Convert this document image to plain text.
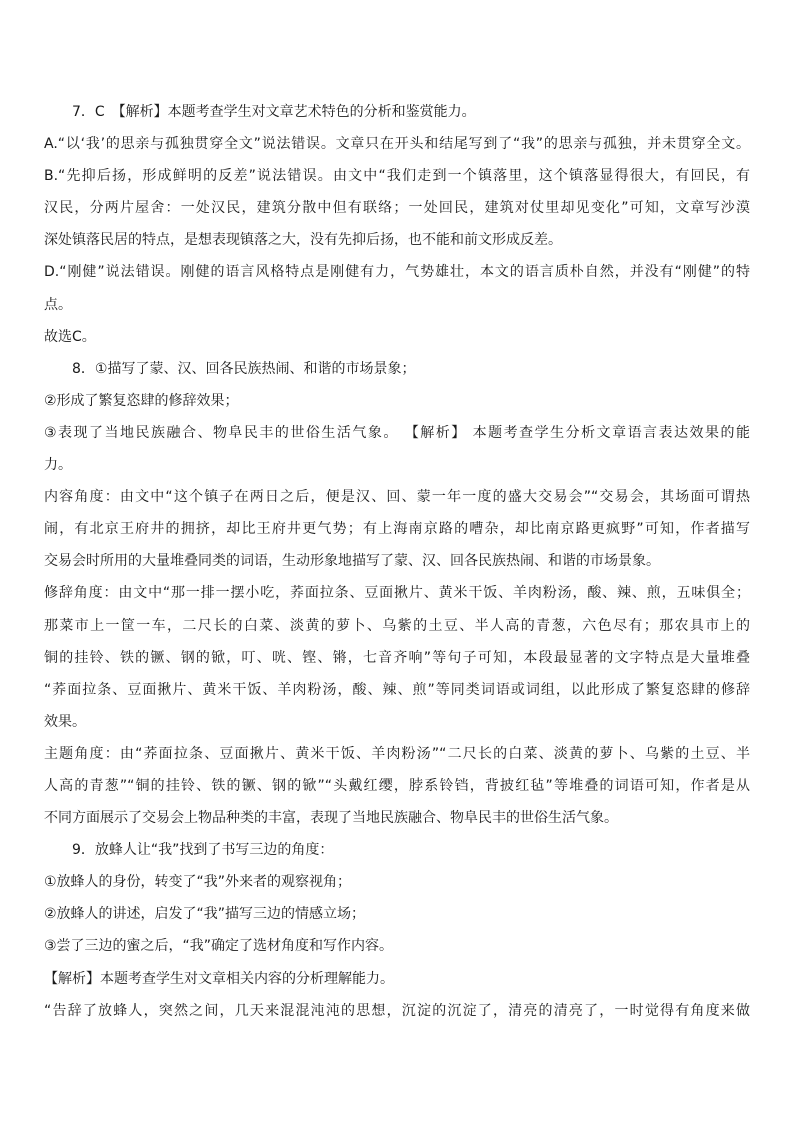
7．C　【解析】本题考查学生对文章艺术特色的分析和鉴赏能力。
A.“以‘我’的思亲与孤独贯穿全文”说法错误。文章只在开头和结尾写到了“我”的思亲与孤独，并未贯穿全文。
B.“先抑后扬，形成鲜明的反差”说法错误。由文中“我们走到一个镇落里，这个镇落显得很大，有回民，有
汉民，分两片屋舍：一处汉民，建筑分散中但有联络；一处回民，建筑对仗里却见变化”可知，文章写沙漠
深处镇落民居的特点，是想表现镇落之大，没有先抑后扬，也不能和前文形成反差。
D.“刚健”说法错误。刚健的语言风格特点是刚健有力，气势雄壮，本文的语言质朴自然，并没有“刚健”的特
点。
故选C。
8．①描写了蒙、汉、回各民族热闹、和谐的市场景象；
②形成了繁复恣肆的修辞效果；
③表现了当地民族融合、物阜民丰的世俗生活气象。 【解析】 本题考查学生分析文章语言表达效果的能
力。
内容角度：由文中“这个镇子在两日之后，便是汉、回、蒙一年一度的盛大交易会”“交易会，其场面可谓热
闹，有北京王府井的拥挤，却比王府井更气势；有上海南京路的嘈杂，却比南京路更疯野”可知，作者描写
交易会时所用的大量堆叠同类的词语，生动形象地描写了蒙、汉、回各民族热闹、和谐的市场景象。
修辞角度：由文中“那一排一摆小吃，荞面拉条、豆面揪片、黄米干饭、羊肉粉汤，酸、辣、煎，五味俱全；
那菜市上一筐一车，二尺长的白菜、淡黄的萝卜、乌紫的土豆、半人高的青葱，六色尽有；那农具市上的
铜的挂铃、铁的镢、钢的锨，叮、咣、铿、锵，七音齐响”等句子可知，本段最显著的文字特点是大量堆叠
“荞面拉条、豆面揪片、黄米干饭、羊肉粉汤，酸、辣、煎”等同类词语或词组，以此形成了繁复恣肆的修辞
效果。
主题角度：由“荞面拉条、豆面揪片、黄米干饭、羊肉粉汤”“二尺长的白菜、淡黄的萝卜、乌紫的土豆、半
人高的青葱”“铜的挂铃、铁的镢、钢的锨”“头戴红缨，脖系铃铛，背披红毡”等堆叠的词语可知，作者是从
不同方面展示了交易会上物品种类的丰富，表现了当地民族融合、物阜民丰的世俗生活气象。
9．放蜂人让“我”找到了书写三边的角度：
①放蜂人的身份，转变了“我”外来者的观察视角；
②放蜂人的讲述，启发了“我”描写三边的情感立场；
③尝了三边的蜜之后，“我”确定了选材角度和写作内容。
【解析】本题考查学生对文章相关内容的分析理解能力。
“告辞了放蜂人，突然之间，几天来混混沌沌的思想，沉淀的沉淀了，清亮的清亮了，一时觉得有角度来做
